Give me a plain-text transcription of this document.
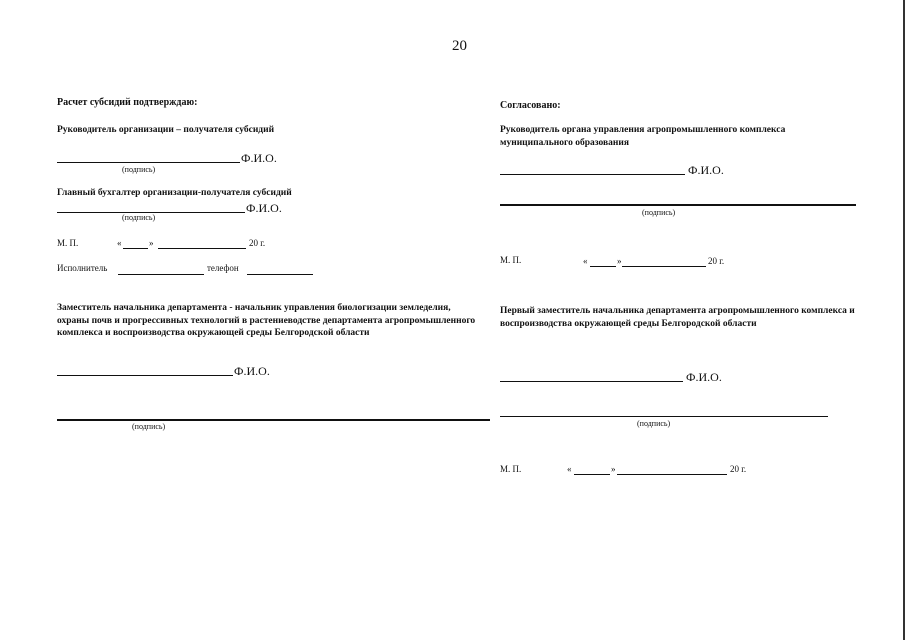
20
Расчет субсидий подтверждаю:
Руководитель организации – получателя субсидий
Ф.И.О.
(подпись)
Главный бухгалтер организации-получателя субсидий
Ф.И.О.
(подпись)
М. П.	«	»	20 г.
Исполнитель	телефон
Заместитель начальника департамента - начальник управления биологизации земледелия, охраны почв и прогрессивных технологий в растениеводстве департамента агропромышленного комплекса и воспроизводства окружающей среды Белгородской области
Ф.И.О.
(подпись)
Согласовано:
Руководитель органа управления агропромышленного комплекса муниципального образования
Ф.И.О.
(подпись)
М. П.	«	»	20 г.
Первый заместитель начальника департамента агропромышленного комплекса и воспроизводства окружающей среды Белгородской области
Ф.И.О.
(подпись)
М. П.	«	»	20 г.
